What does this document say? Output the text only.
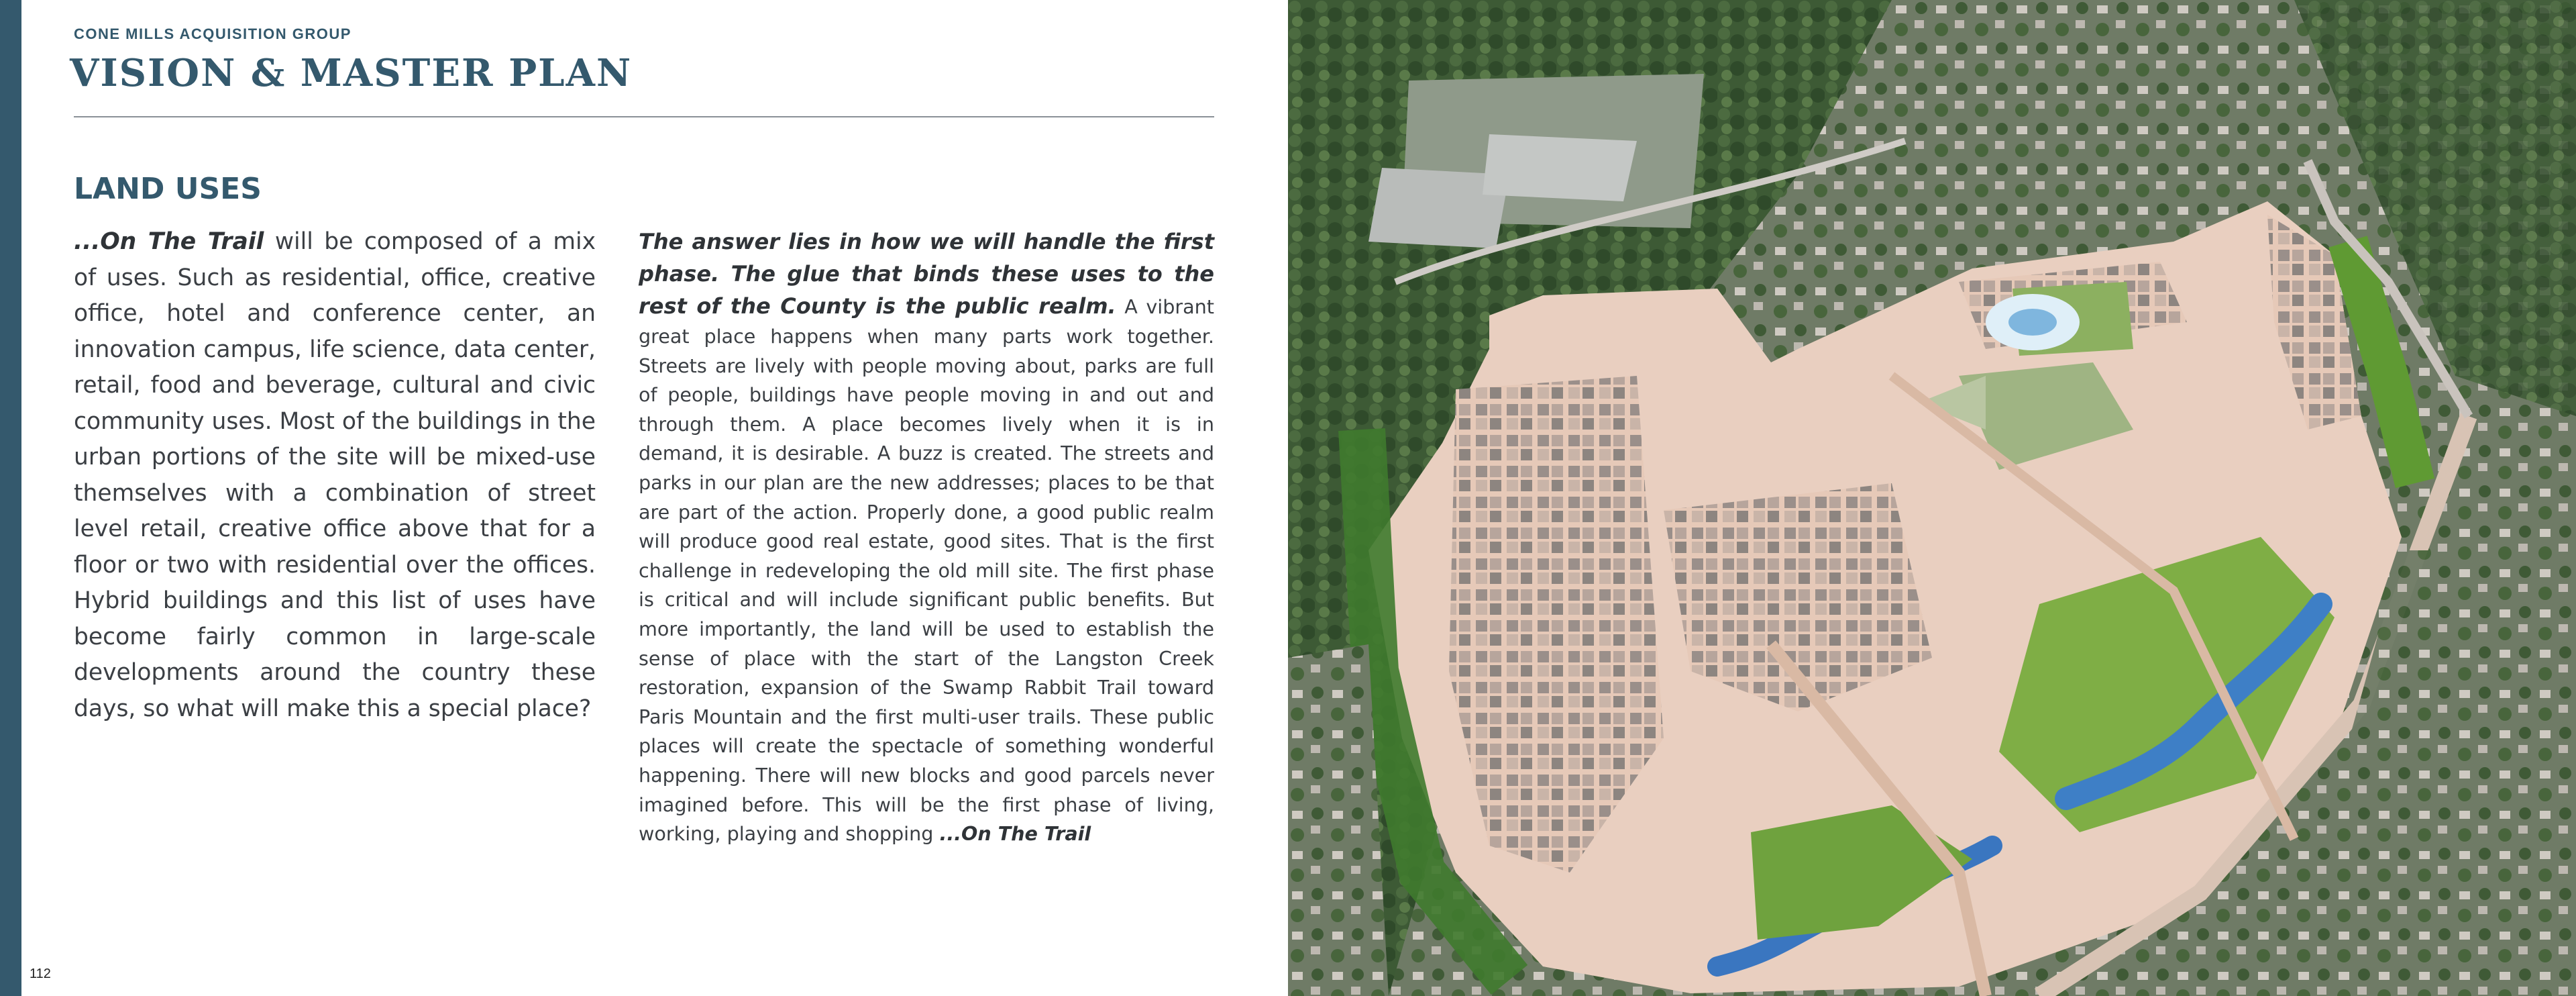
CONE MILLS ACQUISITION GROUP
VISION & MASTER PLAN
LAND USES
...On The Trail will be composed of a mix of uses. Such as residential, office, creative office, hotel and conference center, an innovation campus, life science, data center, retail, food and beverage, cultural and civic community uses. Most of the buildings in the urban portions of the site will be mixed-use themselves with a combination of street level retail, creative office above that for a floor or two with residential over the offices. Hybrid buildings and this list of uses have become fairly common in large-scale developments around the country these days, so what will make this a special place?
The answer lies in how we will handle the first phase. The glue that binds these uses to the rest of the County is the public realm. A vibrant great place happens when many parts work together. Streets are lively with people moving about, parks are full of people, buildings have people moving in and out and through them. A place becomes lively when it is in demand, it is desirable. A buzz is created. The streets and parks in our plan are the new addresses; places to be that are part of the action. Properly done, a good public realm will produce good real estate, good sites. That is the first challenge in redeveloping the old mill site. The first phase is critical and will include significant public benefits. But more importantly, the land will be used to establish the sense of place with the start of the Langston Creek restoration, expansion of the Swamp Rabbit Trail toward Paris Mountain and the first multi-user trails. These public places will create the spectacle of something wonderful happening. There will new blocks and good parcels never imagined before. This will be the first phase of living, working, playing and shopping ...On The Trail
112
